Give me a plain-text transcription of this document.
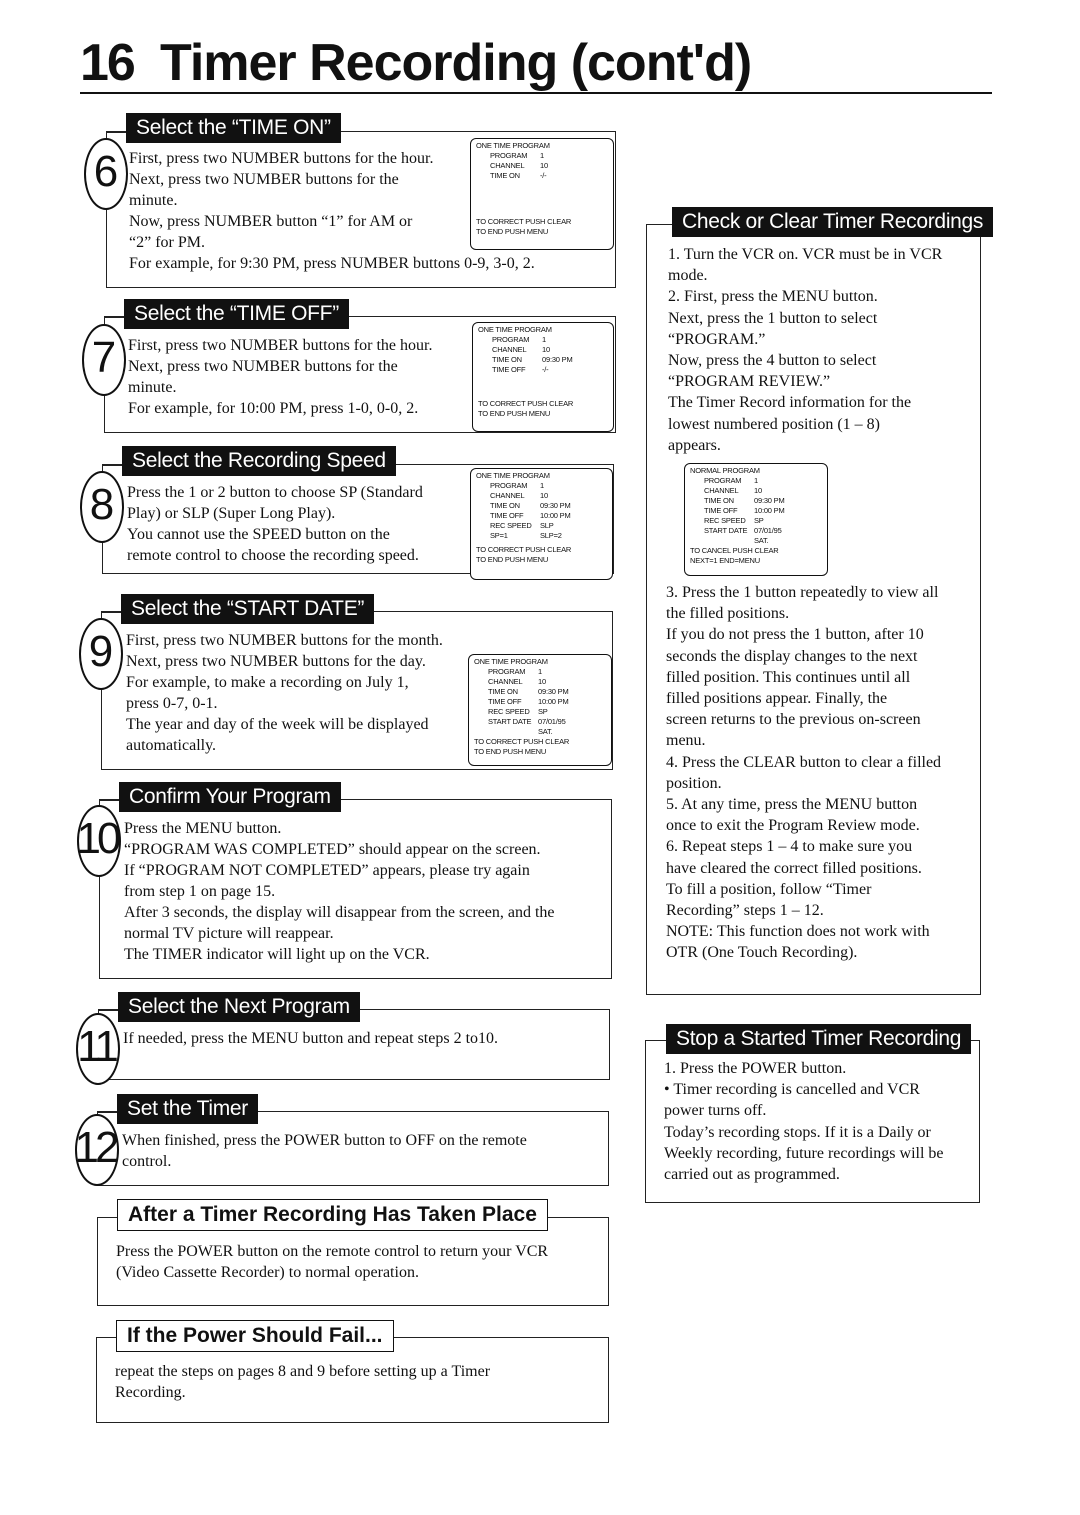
16 Timer Recording (cont'd)
Select the “TIME ON”
6 First, press two NUMBER buttons for the hour.
Next, press two NUMBER buttons for the
minute.
Now, press NUMBER button “1” for AM or
“2” for PM.
For example, for 9:30 PM, press NUMBER buttons 0-9, 3-0, 2.
ONE TIME PROGRAM
PROGRAM 1
CHANNEL 10
TIME ON	-/-
TO CORRECT PUSH CLEAR
TO END PUSH MENU
Select the “TIME OFF”
7 First, press two NUMBER buttons for the hour.
Next, press two NUMBER buttons for the
minute.
For example, for 10:00 PM, press 1-0, 0-0, 2.
ONE TIME PROGRAM
PROGRAM 1
CHANNEL 10
TIME ON	09:30 PM
TIME OFF -/-
TO CORRECT PUSH CLEAR
TO END PUSH MENU
Select the Recording Speed
8	Press the 1 or 2 button to choose SP (Standard
Play) or SLP (Super Long Play).
You cannot use the SPEED button on the
remote control to choose the recording speed.
ONE TIME PROGRAM
PROGRAM 1
CHANNEL 10
TIME ON	09:30 PM
TIME OFF 10:00 PM
REC SPEED SLP
SP=1	SLP=2
TO CORRECT PUSH CLEAR
TO END PUSH MENU
Select the “START DATE”
9	First, press two NUMBER buttons for the month.
Next, press two NUMBER buttons for the day.
For example, to make a recording on July 1,
press 0-7, 0-1.
The year and day of the week will be displayed
automatically.
ONE TIME PROGRAM
PROGRAM 1
CHANNEL 10
TIME ON	09:30 PM
TIME OFF 10:00 PM
REC SPEED SP
START DATE 07/01/95
SAT.
TO CORRECT PUSH CLEAR
TO END PUSH MENU
Confirm Your Program
10 Press the MENU button.
“PROGRAM WAS COMPLETED” should appear on the screen.
If “PROGRAM NOT COMPLETED” appears, please try again
from step 1 on page 15.
After 3 seconds, the display will disappear from the screen, and the
normal TV picture will reappear.
The TIMER indicator will light up on the VCR.
Select the Next Program
11 If needed, press the MENU button and repeat steps 2 to10.
Set the Timer
12 When finished, press the POWER button to OFF on the remote
control.
After a Timer Recording Has Taken Place
Press the POWER button on the remote control to return your VCR
(Video Cassette Recorder) to normal operation.
If the Power Should Fail...
repeat the steps on pages 8 and 9 before setting up a Timer
Recording.
Check or Clear Timer Recordings
1. Turn the VCR on. VCR must be in VCR
mode.
2. First, press the MENU button.
Next, press the 1 button to select
“PROGRAM.”
Now, press the 4 button to select
“PROGRAM REVIEW.”
The Timer Record information for the
lowest numbered position (1 – 8)
appears.
NORMAL PROGRAM
PROGRAM 1
CHANNEL 10
TIME ON	09:30 PM
TIME OFF 10:00 PM
REC SPEED SP
START DATE 07/01/95
SAT.
TO CANCEL PUSH CLEAR
NEXT=1 END=MENU
3. Press the 1 button repeatedly to view all
the filled positions.
If you do not press the 1 button, after 10
seconds the display changes to the next
filled position. This continues until all
filled positions appear. Finally, the
screen returns to the previous on-screen
menu.
4. Press the CLEAR button to clear a filled
position.
5. At any time, press the MENU button
once to exit the Program Review mode.
6. Repeat steps 1 – 4 to make sure you
have cleared the correct filled positions.
To fill a position, follow “Timer
Recording” steps 1 – 12.
NOTE: This function does not work with
OTR (One Touch Recording).
Stop a Started Timer Recording
1. Press the POWER button.
• Timer recording is cancelled and VCR
power turns off.
Today’s recording stops. If it is a Daily or
Weekly recording, future recordings will be
carried out as programmed.
